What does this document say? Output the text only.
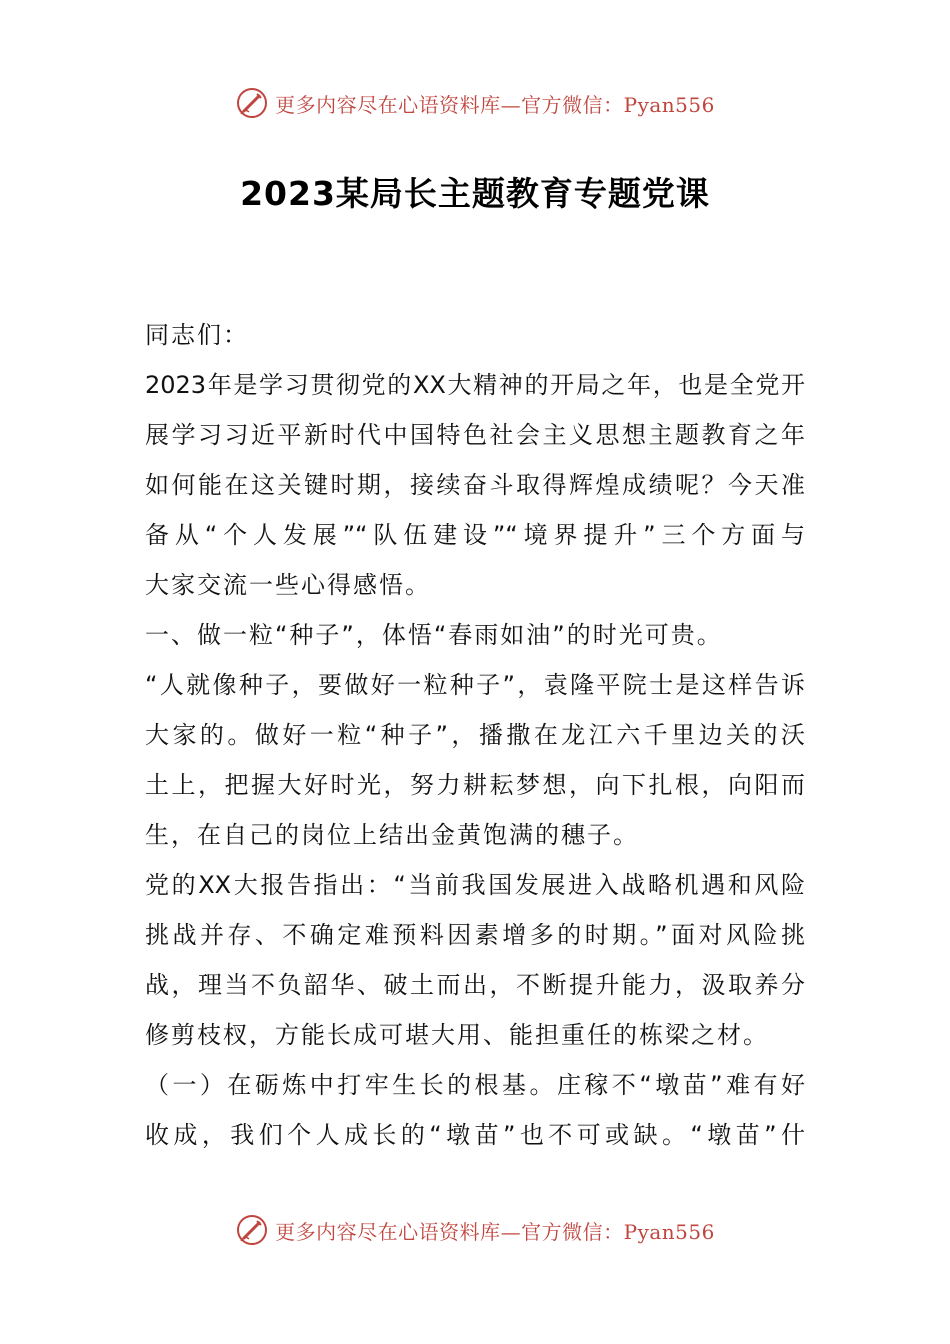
更多内容尽在心语资料库—官方微信：Pyan556
2023某局长主题教育专题党课
同志们：
2023年是学习贯彻党的XX大精神的开局之年，也是全党开
展学习习近平新时代中国特色社会主义思想主题教育之年
如何能在这关键时期，接续奋斗取得辉煌成绩呢？今天准
备从“个人发展”“队伍建设”“境界提升”三个方面与
大家交流一些心得感悟。
一、做一粒“种子”，体悟“春雨如油”的时光可贵。
“人就像种子，要做好一粒种子”，袁隆平院士是这样告诉
大家的。做好一粒“种子”，播撒在龙江六千里边关的沃
土上，把握大好时光，努力耕耘梦想，向下扎根，向阳而
生，在自己的岗位上结出金黄饱满的穗子。
党的XX大报告指出：“当前我国发展进入战略机遇和风险
挑战并存、不确定难预料因素增多的时期。”面对风险挑
战，理当不负韶华、破土而出，不断提升能力，汲取养分
修剪枝杈，方能长成可堪大用、能担重任的栋梁之材。
（一）在砺炼中打牢生长的根基。庄稼不“墩苗”难有好
收成，我们个人成长的“墩苗”也不可或缺。“墩苗”什
更多内容尽在心语资料库—官方微信：Pyan556
